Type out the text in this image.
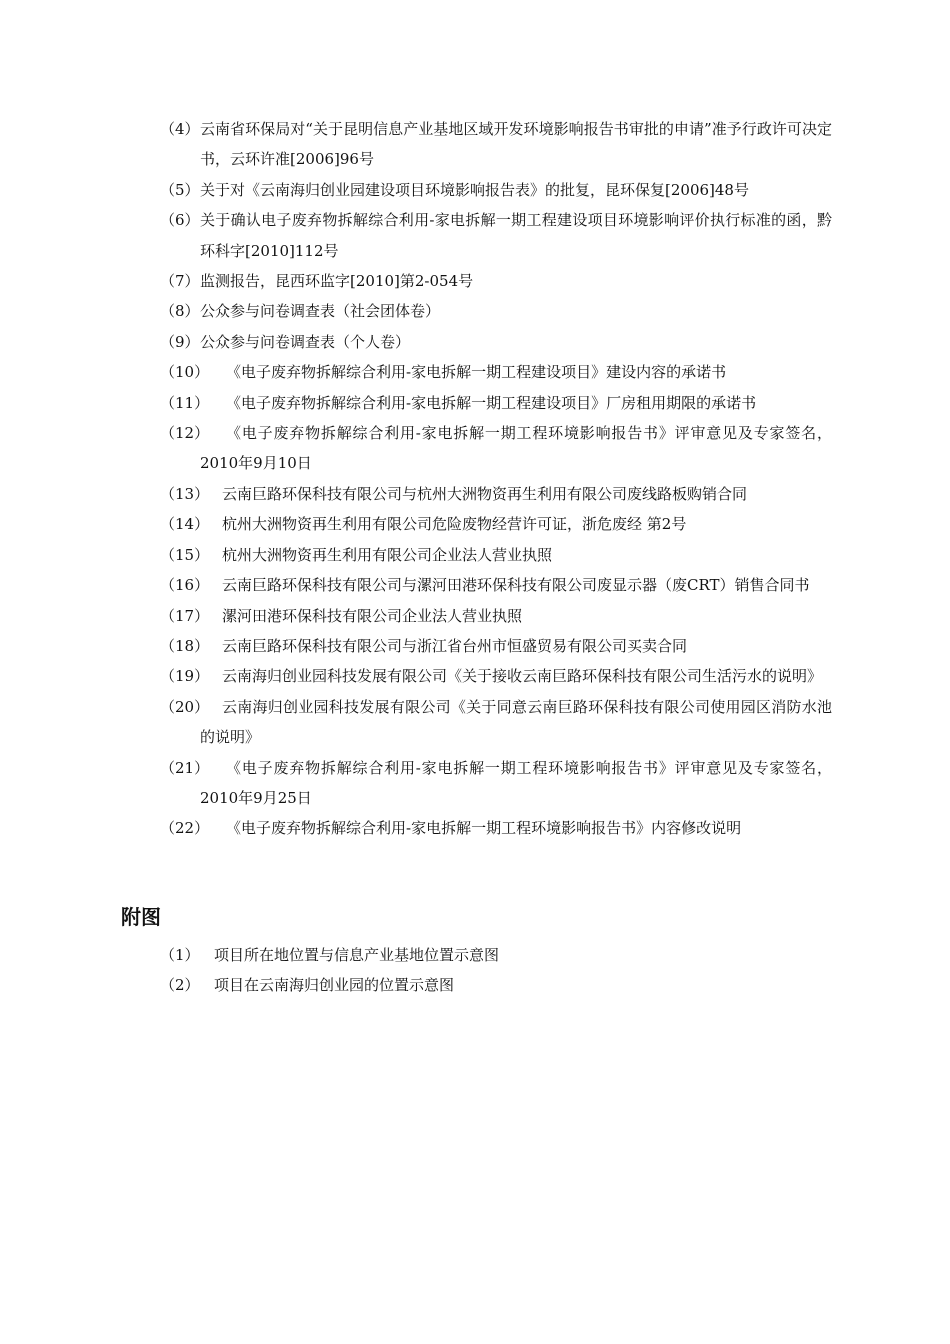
（4） 云南省环保局对“关于昆明信息产业基地区域开发环境影响报告书审批的申请”准予行政许可决定书，云环许准[2006]96号
（5） 关于对《云南海归创业园建设项目环境影响报告表》的批复，昆环保复[2006]48号
（6） 关于确认电子废弃物拆解综合利用-家电拆解一期工程建设项目环境影响评价执行标准的函，黔环科字[2010]112号
（7） 监测报告，昆西环监字[2010]第2-054号
（8） 公众参与问卷调查表（社会团体卷）
（9） 公众参与问卷调查表（个人卷）
（10）	《电子废弃物拆解综合利用-家电拆解一期工程建设项目》建设内容的承诺书
（11）	《电子废弃物拆解综合利用-家电拆解一期工程建设项目》厂房租用期限的承诺书
（12）	《电子废弃物拆解综合利用-家电拆解一期工程环境影响报告书》评审意见及专家签名，2010年9月10日
（13） 云南巨路环保科技有限公司与杭州大洲物资再生利用有限公司废线路板购销合同
（14） 杭州大洲物资再生利用有限公司危险废物经营许可证，浙危废经 第2号
（15） 杭州大洲物资再生利用有限公司企业法人营业执照
（16） 云南巨路环保科技有限公司与漯河田港环保科技有限公司废显示器（废CRT）销售合同书
（17） 漯河田港环保科技有限公司企业法人营业执照
（18） 云南巨路环保科技有限公司与浙江省台州市恒盛贸易有限公司买卖合同
（19） 云南海归创业园科技发展有限公司《关于接收云南巨路环保科技有限公司生活污水的说明》
（20） 云南海归创业园科技发展有限公司《关于同意云南巨路环保科技有限公司使用园区消防水池的说明》
（21）	《电子废弃物拆解综合利用-家电拆解一期工程环境影响报告书》评审意见及专家签名，2010年9月25日
（22）	《电子废弃物拆解综合利用-家电拆解一期工程环境影响报告书》内容修改说明
附图
（1） 项目所在地位置与信息产业基地位置示意图
（2） 项目在云南海归创业园的位置示意图
